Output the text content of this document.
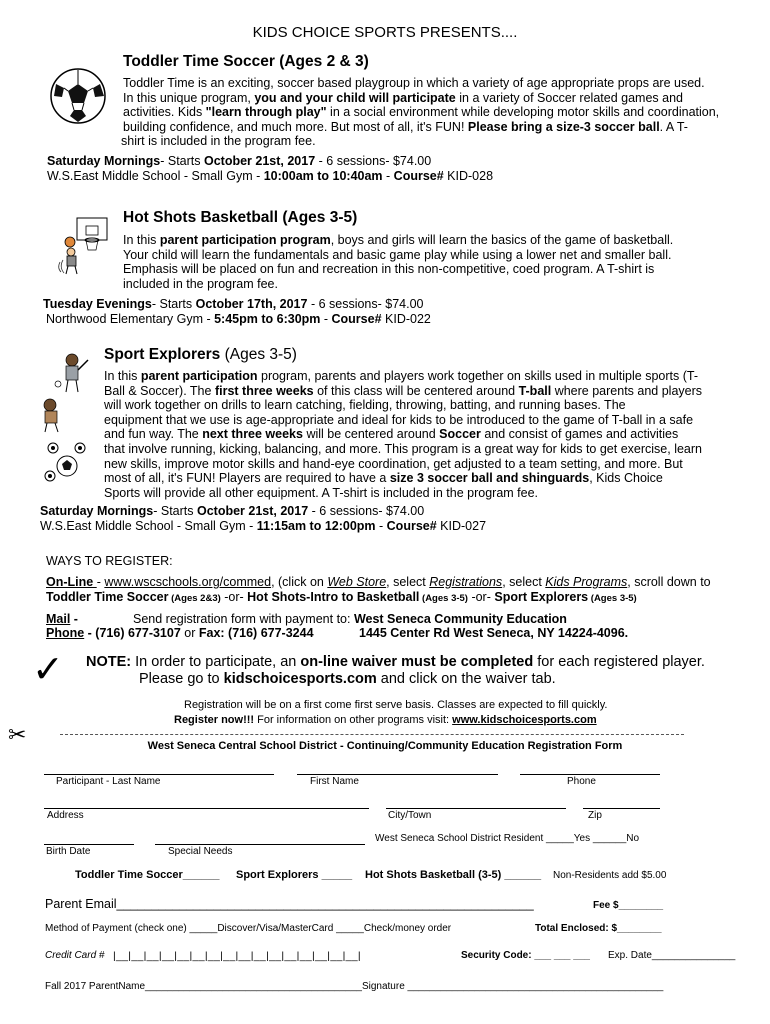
KIDS CHOICE SPORTS PRESENTS....
Toddler Time Soccer (Ages 2 & 3)
Toddler Time is an exciting, soccer based playgroup in which a variety of age appropriate props are used.
In this unique program, you and your child will participate in a variety of Soccer related games and
activities. Kids "learn through play" in a social environment while developing motor skills and coordination,
building confidence, and much more. But most of all, it's FUN! Please bring a size-3 soccer ball. A T-
shirt is included in the program fee.
Saturday Mornings- Starts October 21st, 2017 - 6 sessions- $74.00
W.S.East Middle School - Small Gym - 10:00am to 10:40am - Course# KID-028
Hot Shots Basketball (Ages 3-5)
In this parent participation program, boys and girls will learn the basics of the game of basketball.
Your child will learn the fundamentals and basic game play while using a lower net and smaller ball.
Emphasis will be placed on fun and recreation in this non-competitive, coed program. A T-shirt is
included in the program fee.
Tuesday Evenings- Starts October 17th, 2017 - 6 sessions- $74.00
Northwood Elementary Gym - 5:45pm to 6:30pm - Course# KID-022
Sport Explorers (Ages 3-5)
In this parent participation program, parents and players work together on skills used in multiple sports (T-
Ball & Soccer). The first three weeks of this class will be centered around T-ball where parents and players
will work together on drills to learn catching, fielding, throwing, batting, and running bases. The
equipment that we use is age-appropriate and ideal for kids to be introduced to the game of T-ball in a safe
and fun way. The next three weeks will be centered around Soccer and consist of games and activities
that involve running, kicking, balancing, and more. This program is a great way for kids to get exercise, learn
new skills, improve motor skills and hand-eye coordination, get adjusted to a team setting, and more. But
most of all, it's FUN! Players are required to have a size 3 soccer ball and shinguards, Kids Choice
Sports will provide all other equipment. A T-shirt is included in the program fee.
Saturday Mornings- Starts October 21st, 2017 - 6 sessions- $74.00
W.S.East Middle School - Small Gym - 11:15am to 12:00pm - Course# KID-027
WAYS TO REGISTER:
On-Line - www.wscschools.org/commed, (click on Web Store, select Registrations, select Kids Programs, scroll down to
Toddler Time Soccer (Ages 2&3) -or- Hot Shots-Intro to Basketball (Ages 3-5) -or- Sport Explorers (Ages 3-5)
Mail -	Send registration form with payment to: West Seneca Community Education
Phone - (716) 677-3107 or Fax: (716) 677-3244	1445 Center Rd West Seneca, NY 14224-4096.
✓ NOTE: In order to participate, an on-line waiver must be completed for each registered player.
Please go to kidschoicesports.com and click on the waiver tab.
Registration will be on a first come first serve basis. Classes are expected to fill quickly.
Register now!!! For information on other programs visit: www.kidschoicesports.com
✂	West Seneca Central School District - Continuing/Community Education Registration Form
Participant - Last Name	First Name	Phone
Address	City/Town	Zip
West Seneca School District Resident _____Yes ______No
Birth Date	Special Needs
Toddler Time Soccer______ Sport Explorers _____ Hot Shots Basketball (3-5) ______ Non-Residents add $5.00
Parent Email____________________________________________________________	Fee $________
Method of Payment (check one) _____Discover/Visa/MasterCard _____Check/money order	Total Enclosed: $________
Credit Card # |__|__|__|__|__|__|__|__|__|__|__|__|__|__|__|__|	Security Code: ___ ___ ___ Exp. Date_______________
Fall 2017 ParentName_______________________________________Signature ______________________________________________
